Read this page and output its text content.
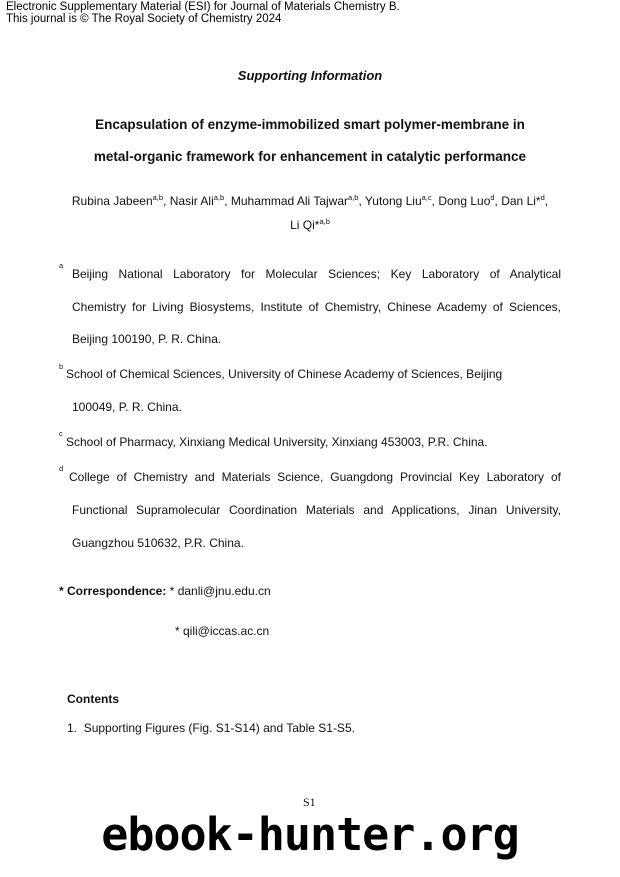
Electronic Supplementary Material (ESI) for Journal of Materials Chemistry B.
This journal is © The Royal Society of Chemistry 2024
Supporting Information
Encapsulation of enzyme-immobilized smart polymer-membrane in
metal-organic framework for enhancement in catalytic performance
Rubina Jabeen$^{a,b}$, Nasir Ali$^{a,b}$, Muhammad Ali Tajwar$^{a,b}$, Yutong Liu$^{a,c}$, Dong Luo$^d$, Dan Li*$^d$,
Li Qi*$^{a,b}$
a
Beijing National Laboratory for Molecular Sciences; Key Laboratory of Analytical
Chemistry for Living Biosystems, Institute of Chemistry, Chinese Academy of Sciences,
Beijing 100190, P. R. China.
b
School of Chemical Sciences, University of Chinese Academy of Sciences, Beijing
100049, P. R. China.
c
School of Pharmacy, Xinxiang Medical University, Xinxiang 453003, P.R. China.
d
College of Chemistry and Materials Science, Guangdong Provincial Key Laboratory of
Functional Supramolecular Coordination Materials and Applications, Jinan University,
Guangzhou 510632, P.R. China.
* Correspondence: * danli@jnu.edu.cn
* qili@iccas.ac.cn
Contents
1. Supporting Figures (Fig. S1-S14) and Table S1-S5.
S1
ebook-hunter.org
